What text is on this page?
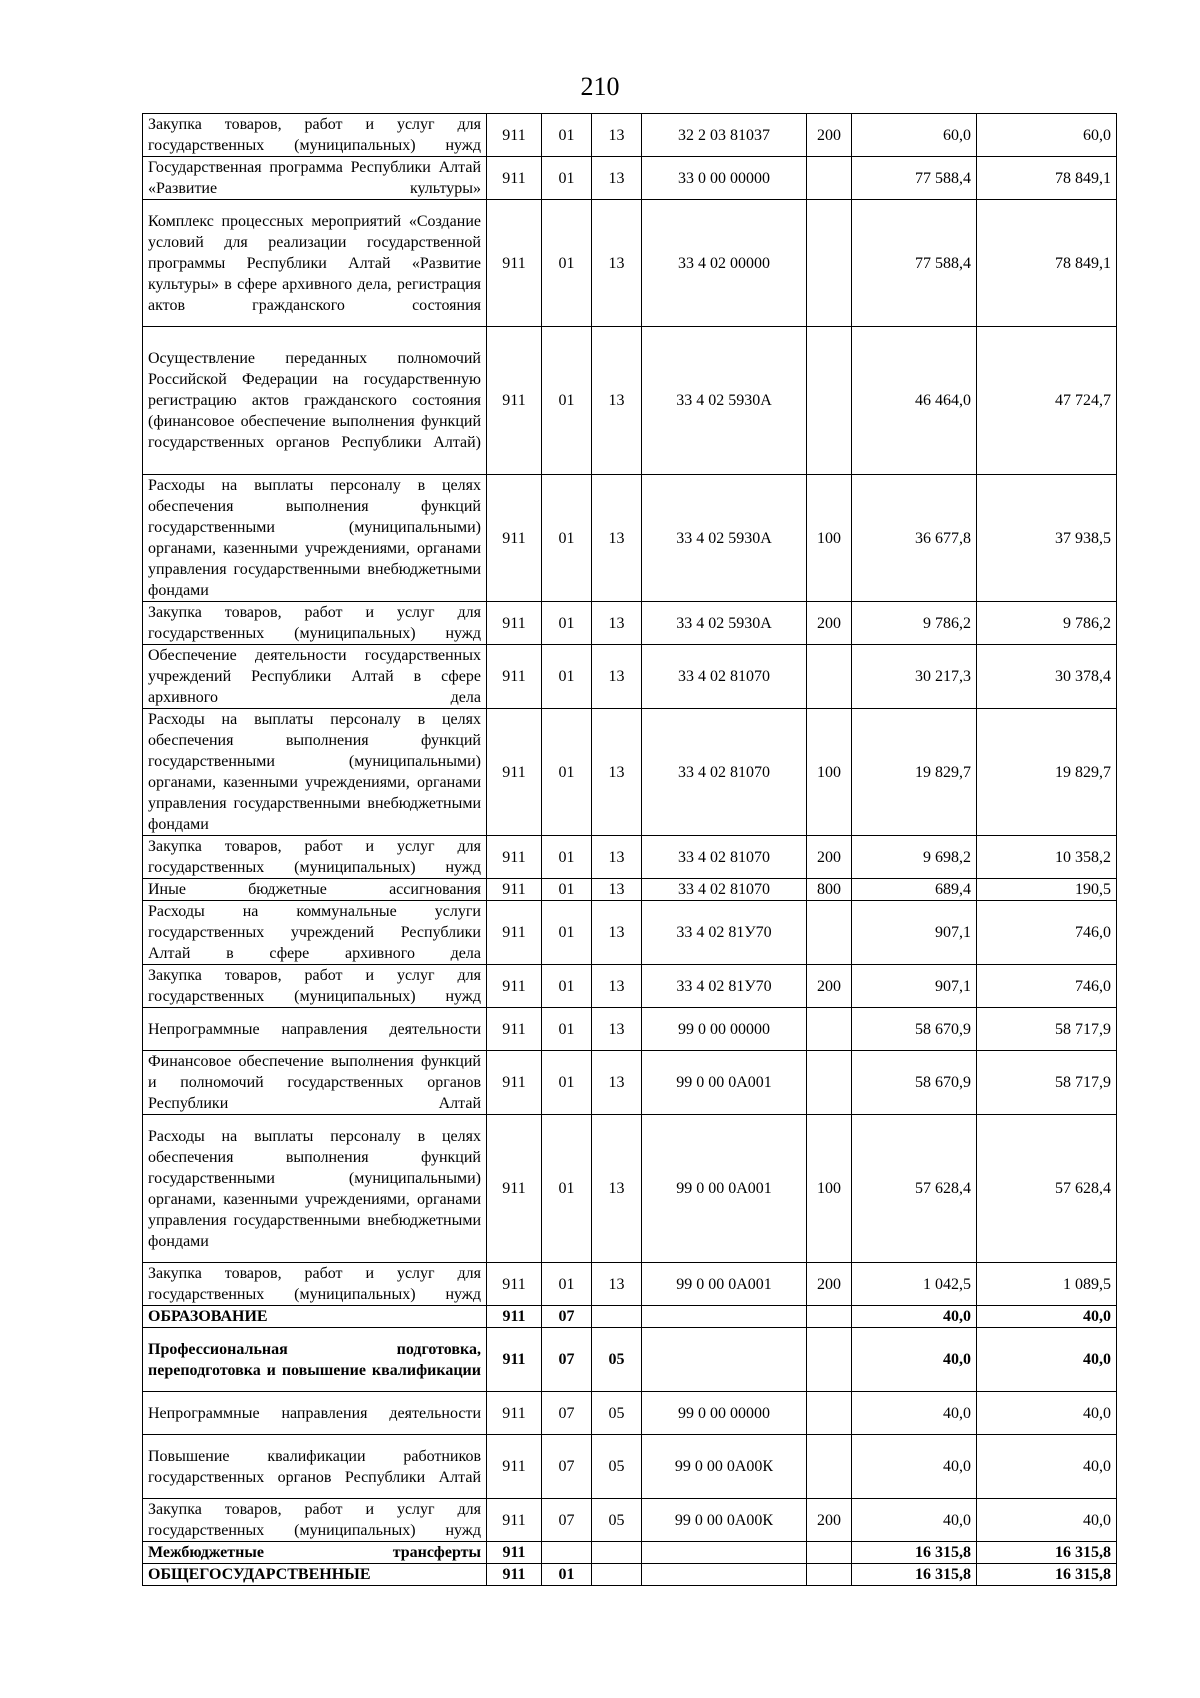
210
Закупка товаров, работ и услуг для государственных (муниципальных) нужд	911	01	13	32 2 03 81037	200	60,0	60,0
Государственная программа Республики Алтай «Развитие культуры»	911	01	13	33 0 00 00000		77 588,4	78 849,1
Комплекс процессных мероприятий «Создание условий для реализации государственной программы Республики Алтай «Развитие культуры» в сфере архивного дела, регистрация актов гражданского состояния	911	01	13	33 4 02 00000		77 588,4	78 849,1
Осуществление переданных полномочий Российской Федерации на государственную регистрацию актов гражданского состояния (финансовое обеспечение выполнения функций государственных органов Республики Алтай)	911	01	13	33 4 02 5930А		46 464,0	47 724,7
Расходы на выплаты персоналу в целях обеспечения выполнения функций государственными (муниципальными) органами, казенными учреждениями, органами управления государственными внебюджетными фондами	911	01	13	33 4 02 5930А	100	36 677,8	37 938,5
Закупка товаров, работ и услуг для государственных (муниципальных) нужд	911	01	13	33 4 02 5930А	200	9 786,2	9 786,2
Обеспечение деятельности государственных учреждений Республики Алтай в сфере архивного дела	911	01	13	33 4 02 81070		30 217,3	30 378,4
Расходы на выплаты персоналу в целях обеспечения выполнения функций государственными (муниципальными) органами, казенными учреждениями, органами управления государственными внебюджетными фондами	911	01	13	33 4 02 81070	100	19 829,7	19 829,7
Закупка товаров, работ и услуг для государственных (муниципальных) нужд	911	01	13	33 4 02 81070	200	9 698,2	10 358,2
Иные бюджетные ассигнования	911	01	13	33 4 02 81070	800	689,4	190,5
Расходы на коммунальные услуги государственных учреждений Республики Алтай в сфере архивного дела	911	01	13	33 4 02 81У70		907,1	746,0
Закупка товаров, работ и услуг для государственных (муниципальных) нужд	911	01	13	33 4 02 81У70	200	907,1	746,0
Непрограммные направления деятельности	911	01	13	99 0 00 00000		58 670,9	58 717,9
Финансовое обеспечение выполнения функций и полномочий государственных органов Республики Алтай	911	01	13	99 0 00 0А001		58 670,9	58 717,9
Расходы на выплаты персоналу в целях обеспечения выполнения функций государственными (муниципальными) органами, казенными учреждениями, органами управления государственными внебюджетными фондами	911	01	13	99 0 00 0А001	100	57 628,4	57 628,4
Закупка товаров, работ и услуг для государственных (муниципальных) нужд	911	01	13	99 0 00 0А001	200	1 042,5	1 089,5
ОБРАЗОВАНИЕ	911	07				40,0	40,0
Профессиональная подготовка, переподготовка и повышение квалификации	911	07	05			40,0	40,0
Непрограммные направления деятельности	911	07	05	99 0 00 00000		40,0	40,0
Повышение квалификации работников государственных органов Республики Алтай	911	07	05	99 0 00 0А00К		40,0	40,0
Закупка товаров, работ и услуг для государственных (муниципальных) нужд	911	07	05	99 0 00 0А00К	200	40,0	40,0
Межбюджетные трансферты	911					16 315,8	16 315,8
ОБЩЕГОСУДАРСТВЕННЫЕ	911	01				16 315,8	16 315,8
